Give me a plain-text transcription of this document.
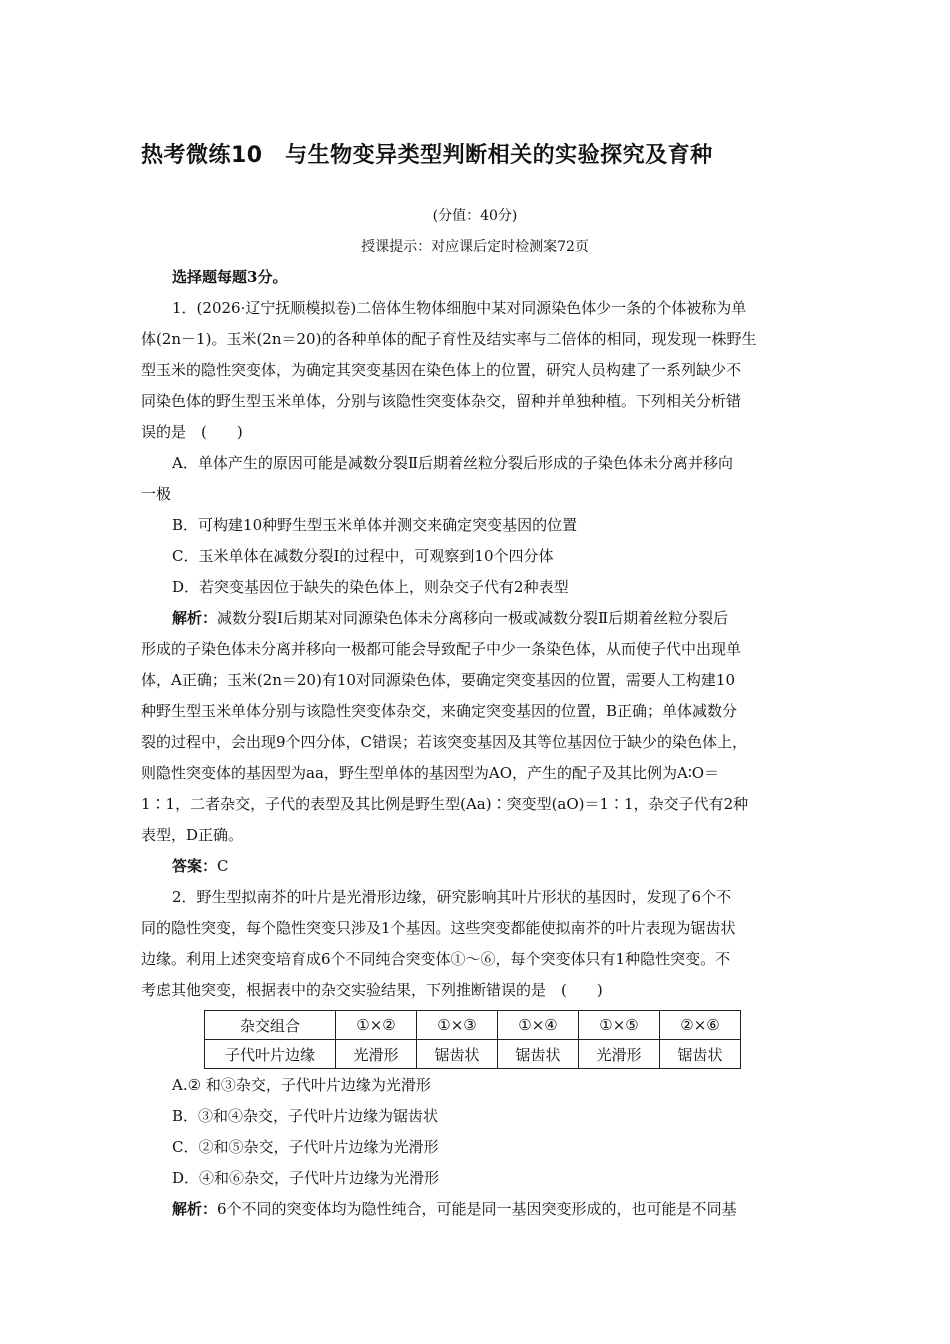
热考微练10　与生物变异类型判断相关的实验探究及育种
(分值：40分)
授课提示：对应课后定时检测案72页
选择题每题3分。
1．(2026·辽宁抚顺模拟卷)二倍体生物体细胞中某对同源染色体少一条的个体被称为单
体(2n－1)。玉米(2n＝20)的各种单体的配子育性及结实率与二倍体的相同，现发现一株野生
型玉米的隐性突变体，为确定其突变基因在染色体上的位置，研究人员构建了一系列缺少不
同染色体的野生型玉米单体，分别与该隐性突变体杂交，留种并单独种植。下列相关分析错
误的是　(　　)
A．单体产生的原因可能是减数分裂Ⅱ后期着丝粒分裂后形成的子染色体未分离并移向
一极
B．可构建10种野生型玉米单体并测交来确定突变基因的位置
C．玉米单体在减数分裂Ⅰ的过程中，可观察到10个四分体
D．若突变基因位于缺失的染色体上，则杂交子代有2种表型
解析：减数分裂Ⅰ后期某对同源染色体未分离移向一极或减数分裂Ⅱ后期着丝粒分裂后
形成的子染色体未分离并移向一极都可能会导致配子中少一条染色体，从而使子代中出现单
体，A正确；玉米(2n＝20)有10对同源染色体，要确定突变基因的位置，需要人工构建10
种野生型玉米单体分别与该隐性突变体杂交，来确定突变基因的位置，B正确；单体减数分
裂的过程中，会出现9个四分体，C错误；若该突变基因及其等位基因位于缺少的染色体上，
则隐性突变体的基因型为aa，野生型单体的基因型为AO，产生的配子及其比例为A∶O＝
1∶1，二者杂交，子代的表型及其比例是野生型(Aa)∶突变型(aO)＝1∶1，杂交子代有2种
表型，D正确。
答案：C
2．野生型拟南芥的叶片是光滑形边缘，研究影响其叶片形状的基因时，发现了6个不
同的隐性突变，每个隐性突变只涉及1个基因。这些突变都能使拟南芥的叶片表现为锯齿状
边缘。利用上述突变培育成6个不同纯合突变体①～⑥，每个突变体只有1种隐性突变。不
考虑其他突变，根据表中的杂交实验结果，下列推断错误的是　(　　)
杂交组合	①×②	①×③	①×④	①×⑤	②×⑥
子代叶片边缘	光滑形	锯齿状	锯齿状	光滑形	锯齿状
A.② 和③杂交，子代叶片边缘为光滑形
B．③和④杂交，子代叶片边缘为锯齿状
C．②和⑤杂交，子代叶片边缘为光滑形
D．④和⑥杂交，子代叶片边缘为光滑形
解析：6个不同的突变体均为隐性纯合，可能是同一基因突变形成的，也可能是不同基
